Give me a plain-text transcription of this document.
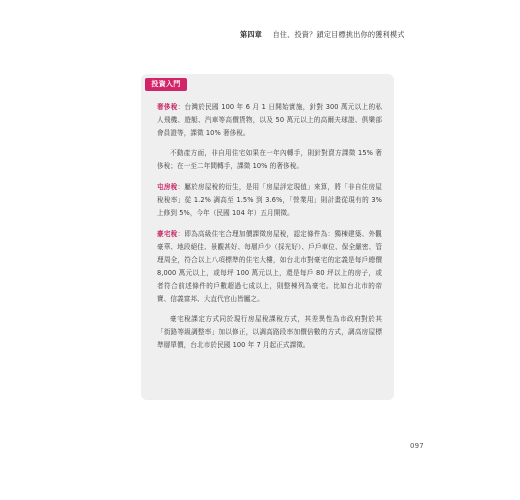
第四章 自住、投資？鎖定目標挑出你的獲利模式
投資入門

奢侈稅：台灣於民國 100 年 6 月 1 日開始實施，針對 300 萬元以上的私人飛機、遊艇、汽車等高價貨物，以及 50 萬元以上的高爾夫球證、俱樂部會員證等，課徵 10% 奢侈稅。

不動產方面，非自用住宅如果在一年內轉手，則針對賣方課徵 15% 奢侈稅；在一至二年間轉手，課徵 10% 的奢侈稅。

屯房稅：屬於房屋稅的衍生，是用「房屋評定現值」來算，將「非自住房屋稅稅率」從 1.2% 調高至 1.5% 到 3.6%，「營業用」則計畫從現有的 3% 上修到 5%，今年（民國 104 年）五月開徵。

豪宅稅：即為高級住宅合理加價課徵房屋稅，認定條件為：獨棟建築、外觀豪華、地段絕佳、景觀甚好、每層戶少（採光好）、戶戶車位、保全嚴密、管理周全，符合以上八項標準的住宅大樓，如台北市對豪宅的定義是每戶總價 8,000 萬元以上，或每坪 100 萬元以上，還是每戶 80 坪以上的房子，或者符合前述條件的戶數超過七成以上，則整棟列為豪宅。比如台北市的帝寶、信義富邦、大直代官山皆屬之。

豪宅稅課定方式同於現行房屋稅課稅方式，其差異性為市政府對於其「街路等級調整率」加以修正，以調高路段率加價倍數的方式，調高房屋標準層單價，台北市於民國 100 年 7 月起正式課徵。

097
